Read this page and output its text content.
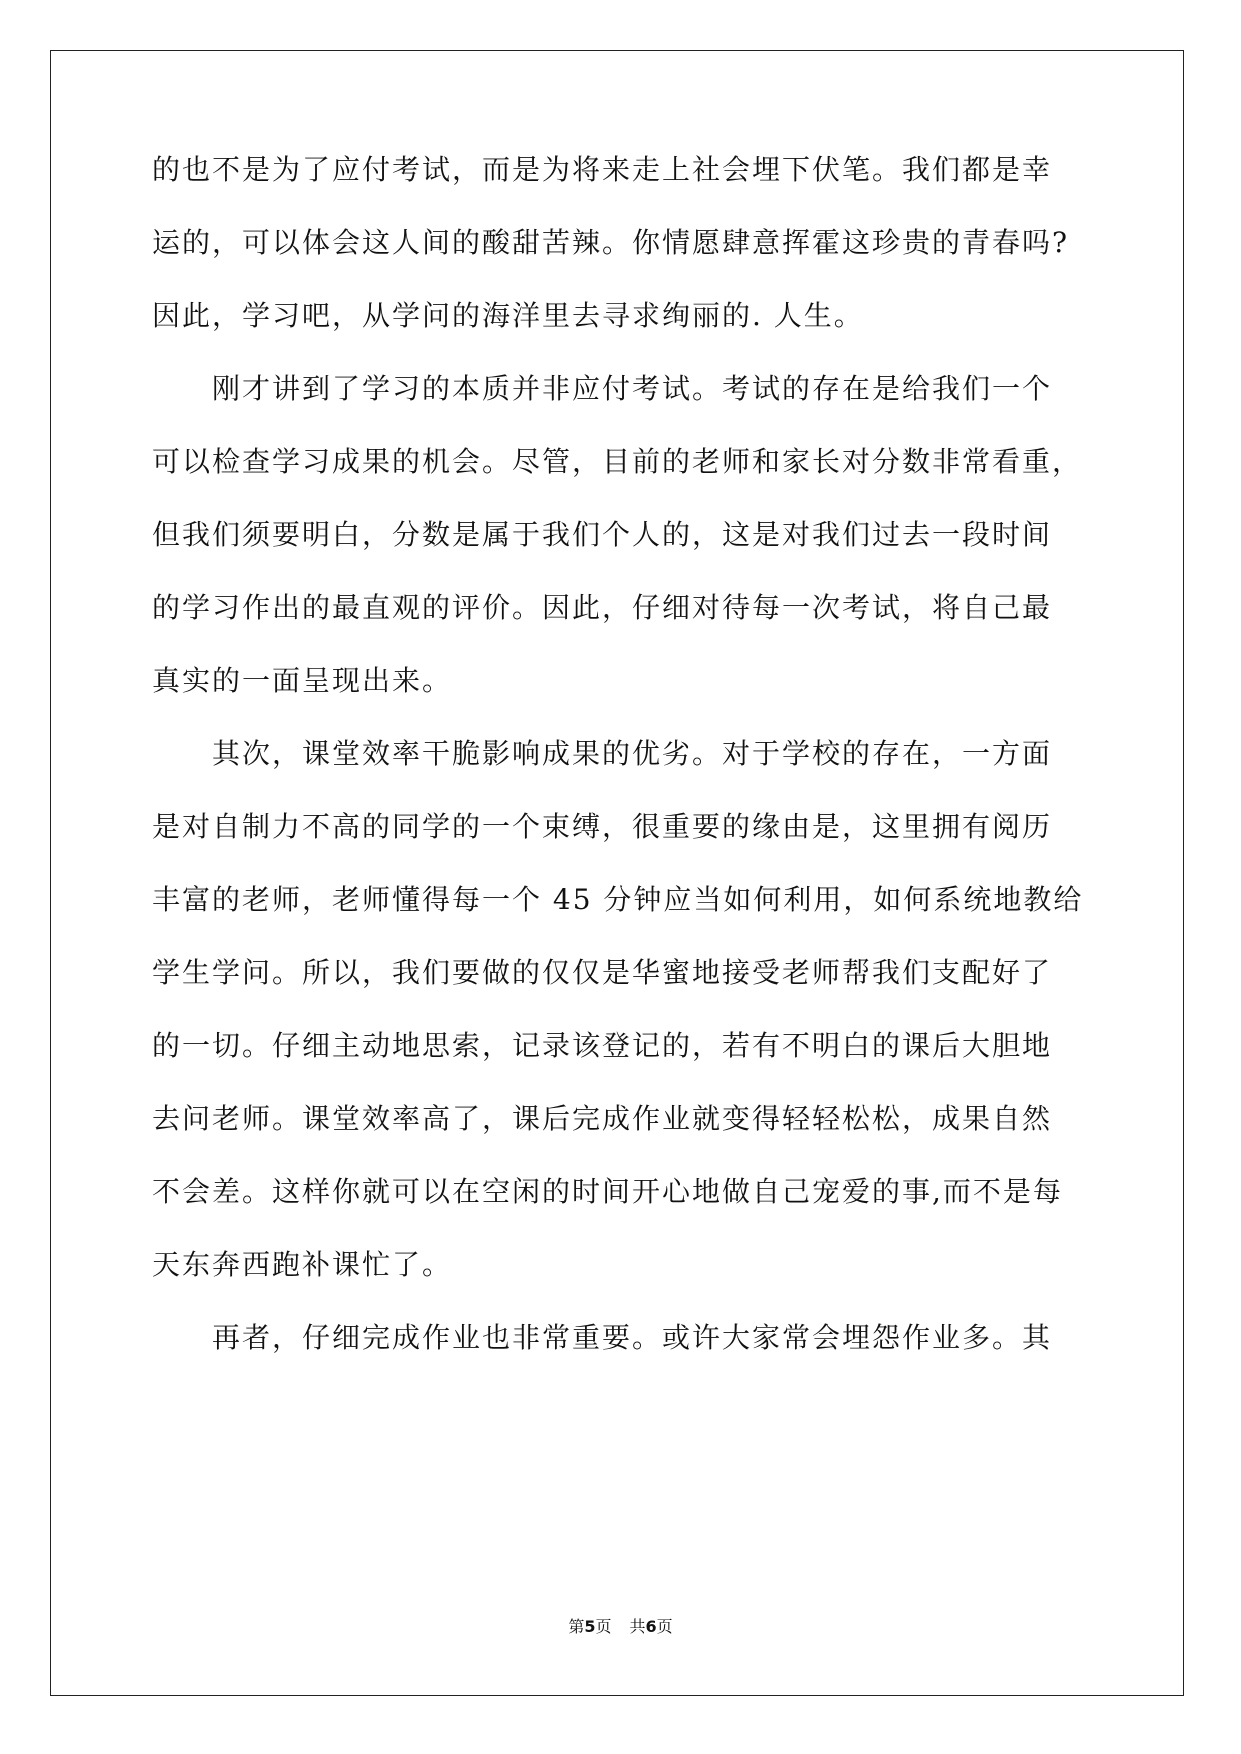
的也不是为了应付考试，而是为将来走上社会埋下伏笔。我们都是幸
运的，可以体会这人间的酸甜苦辣。你情愿肆意挥霍这珍贵的青春吗?
因此，学习吧，从学问的海洋里去寻求绚丽的. 人生。
　　刚才讲到了学习的本质并非应付考试。考试的存在是给我们一个
可以检查学习成果的机会。尽管，目前的老师和家长对分数非常看重，
但我们须要明白，分数是属于我们个人的，这是对我们过去一段时间
的学习作出的最直观的评价。因此，仔细对待每一次考试，将自己最
真实的一面呈现出来。
　　其次，课堂效率干脆影响成果的优劣。对于学校的存在，一方面
是对自制力不高的同学的一个束缚，很重要的缘由是，这里拥有阅历
丰富的老师，老师懂得每一个 45 分钟应当如何利用，如何系统地教给
学生学问。所以，我们要做的仅仅是华蜜地接受老师帮我们支配好了
的一切。仔细主动地思索，记录该登记的，若有不明白的课后大胆地
去问老师。课堂效率高了，课后完成作业就变得轻轻松松，成果自然
不会差。这样你就可以在空闲的时间开心地做自己宠爱的事,而不是每
天东奔西跑补课忙了。
　　再者，仔细完成作业也非常重要。或许大家常会埋怨作业多。其
第5页 共6页
